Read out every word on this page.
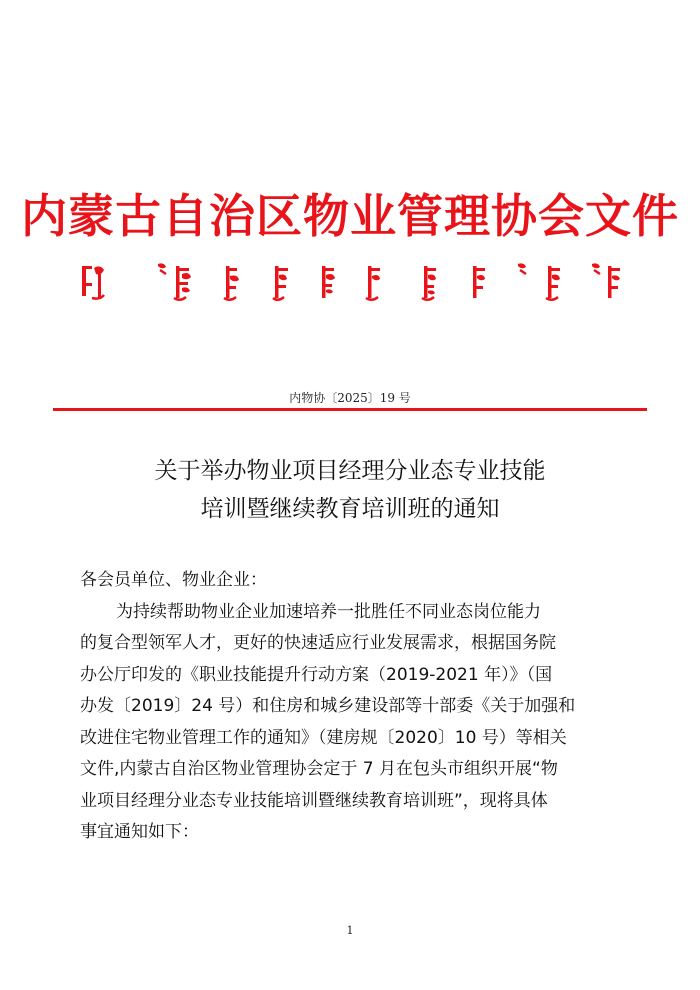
内蒙古自治区物业管理协会文件
内物协〔2025〕19 号
关于举办物业项目经理分业态专业技能
培训暨继续教育培训班的通知
各会员单位、物业企业：
为持续帮助物业企业加速培养一批胜任不同业态岗位能力
的复合型领军人才，更好的快速适应行业发展需求，根据国务院
办公厅印发的《职业技能提升行动方案（2019-2021 年）》（国
办发〔2019〕24 号）和住房和城乡建设部等十部委《关于加强和
改进住宅物业管理工作的通知》（建房规〔2020〕10 号）等相关
文件,内蒙古自治区物业管理协会定于 7 月在包头市组织开展“物
业项目经理分业态专业技能培训暨继续教育培训班”，现将具体
事宜通知如下：
1
